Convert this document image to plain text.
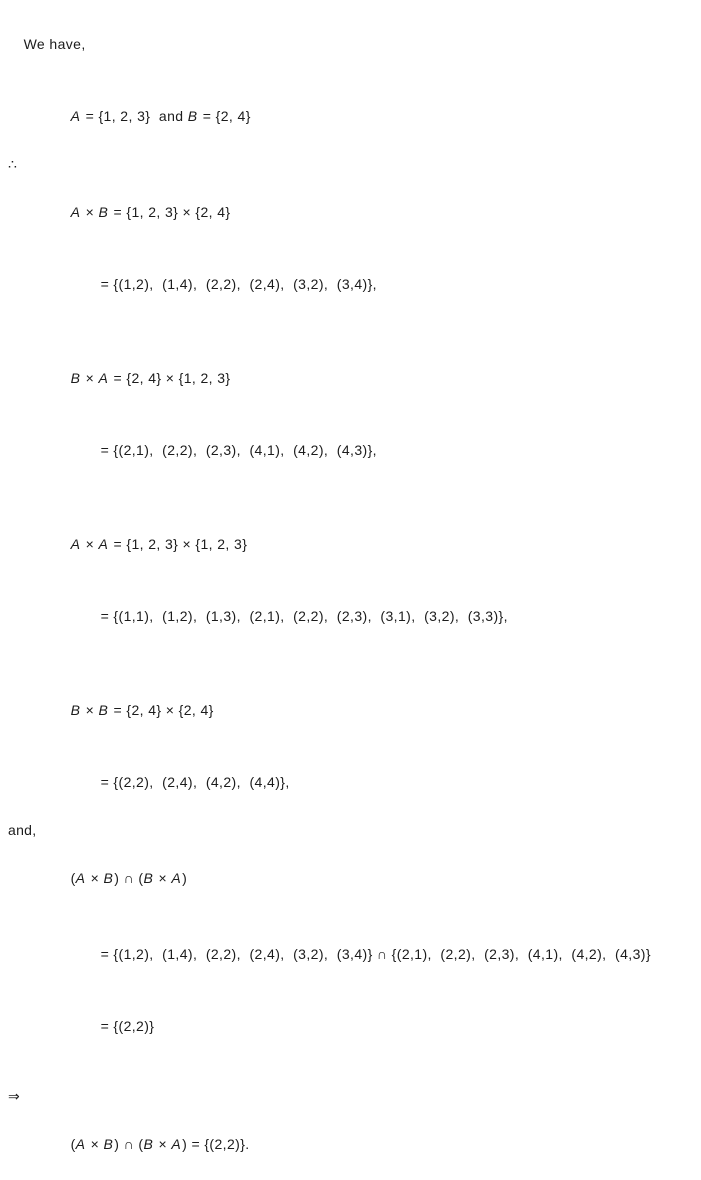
We have,

A = {1, 2, 3}  and B = {2, 4}

∴

A × B = {1, 2, 3} × {2, 4}

= {(1,2),  (1,4),  (2,2),  (2,4),  (3,2),  (3,4)},

B × A = {2, 4} × {1, 2, 3}

= {(2,1),  (2,2),  (2,3),  (4,1),  (4,2),  (4,3)},

A × A = {1, 2, 3} × {1, 2, 3}

= {(1,1),  (1,2),  (1,3),  (2,1),  (2,2),  (2,3),  (3,1),  (3,2),  (3,3)},

B × B = {2, 4} × {2, 4}

= {(2,2),  (2,4),  (4,2),  (4,4)},

and,

(A × B) ∩ (B × A)

= {(1,2),  (1,4),  (2,2),  (2,4),  (3,2),  (3,4)} ∩ {(2,1),  (2,2),  (2,3),  (4,1),  (4,2),  (4,3)}

= {(2,2)}

⇒

(A × B) ∩ (B × A) = {(2,2)}.
